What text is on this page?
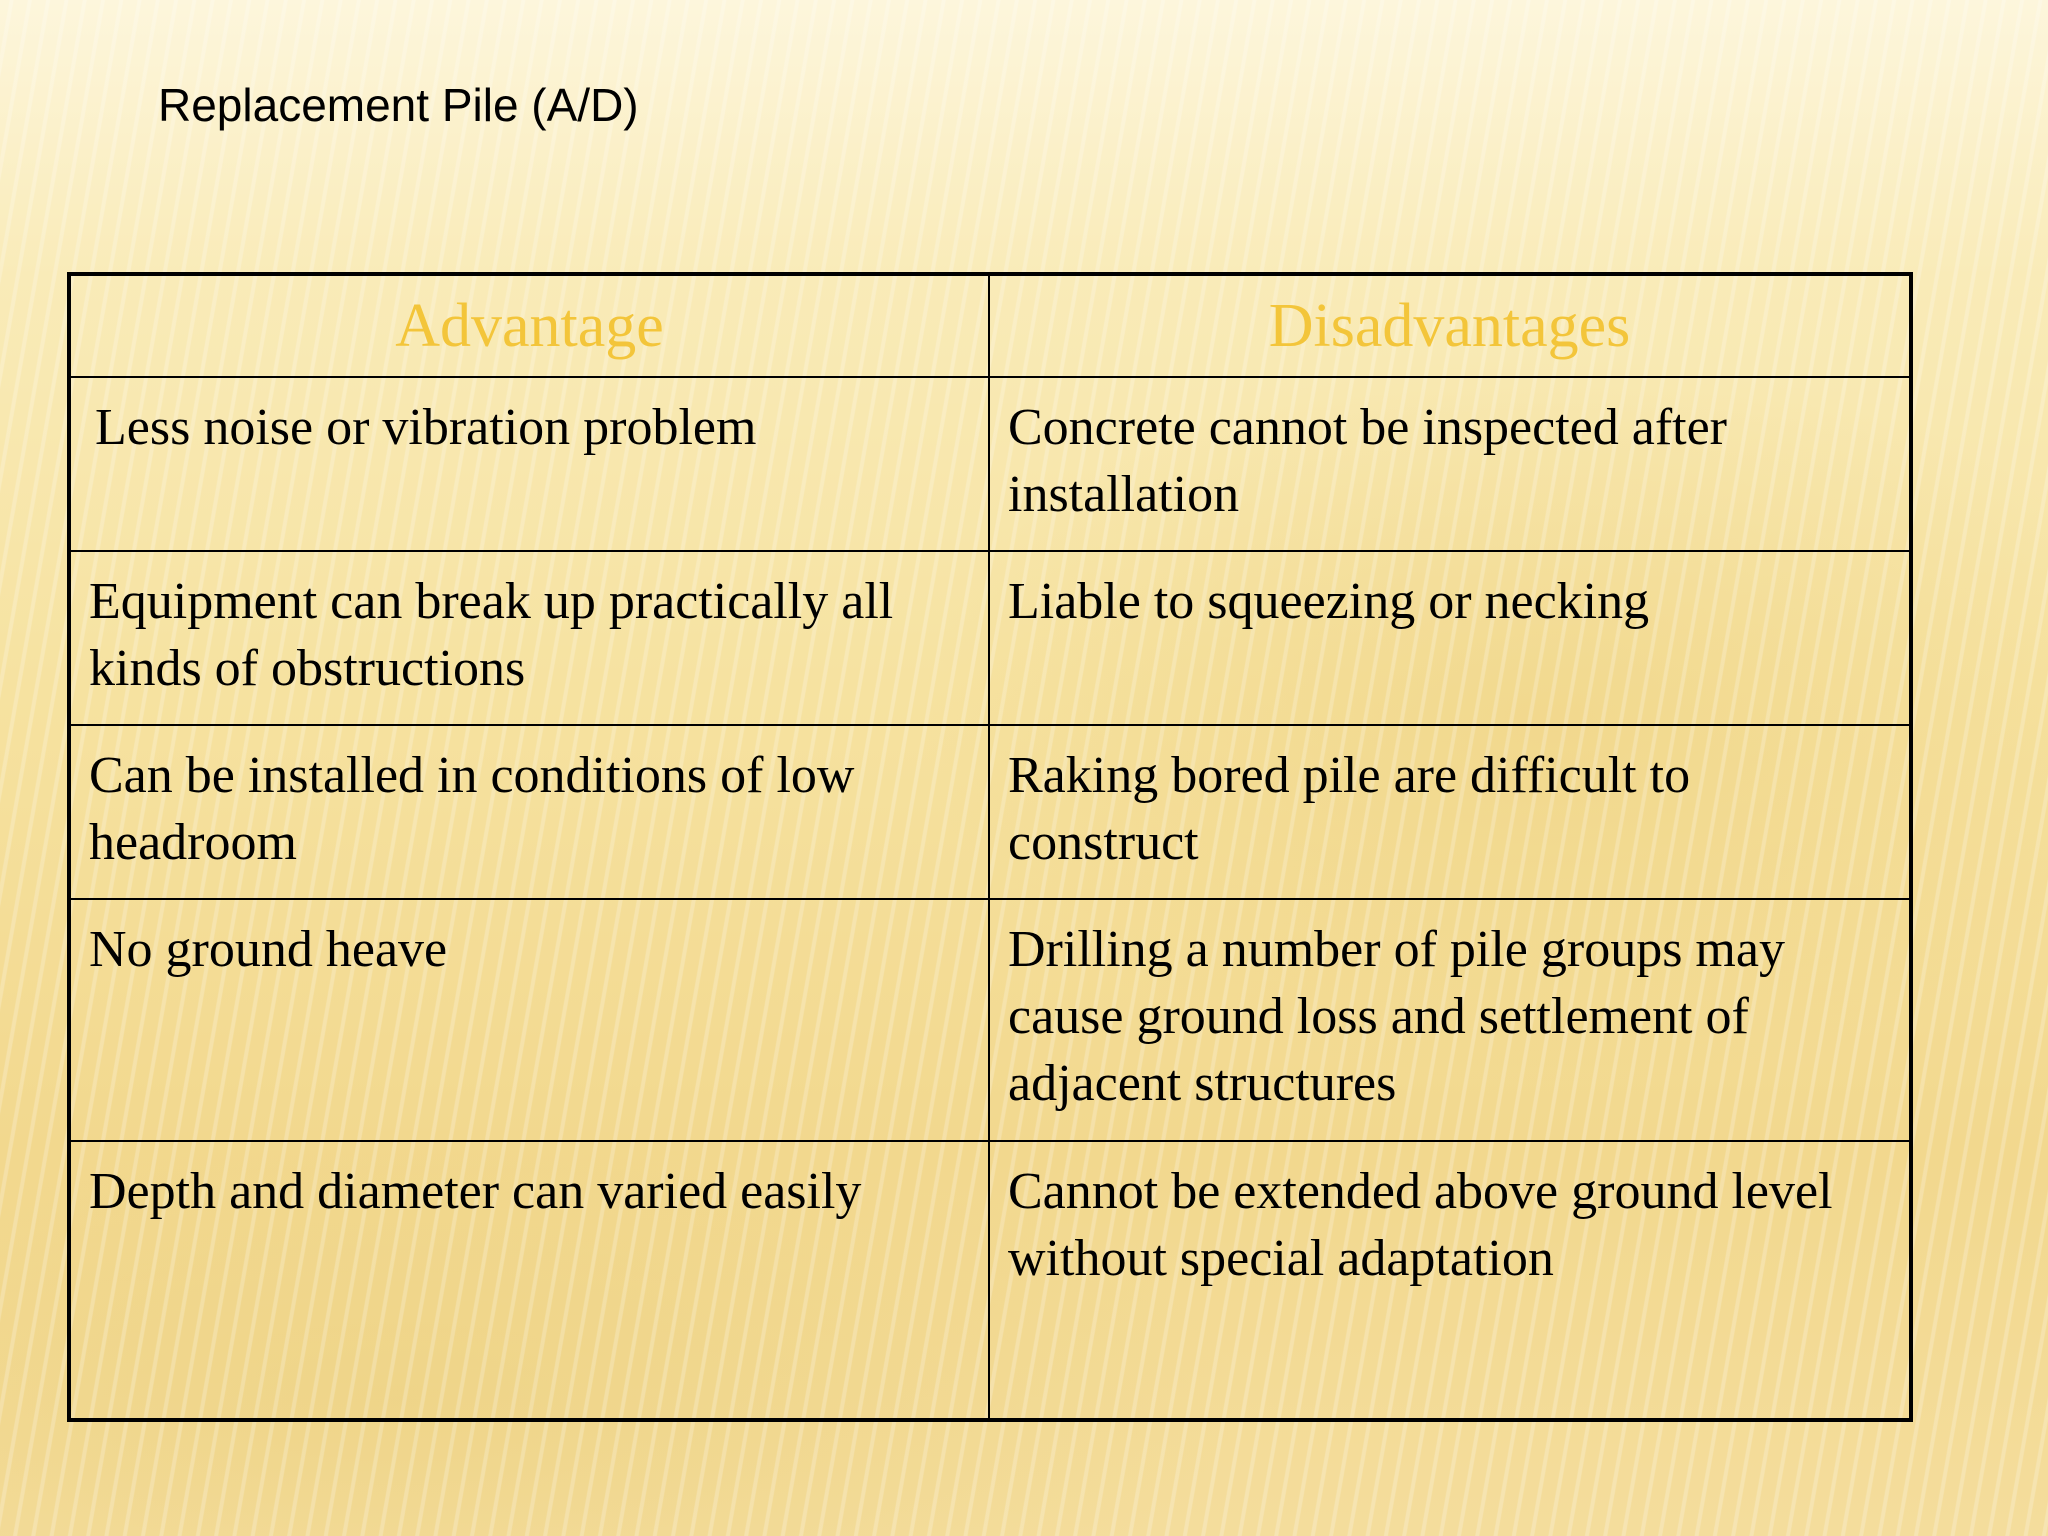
Replacement Pile (A/D)
Advantage	Disadvantages
Less noise or vibration problem	Concrete cannot be inspected after installation
Equipment can break up practically all kinds of obstructions	Liable to squeezing or necking
Can be installed in conditions of low headroom	Raking bored pile are difficult to construct
No ground heave	Drilling a number of pile groups may cause ground loss and settlement of adjacent structures
Depth and diameter can varied easily	Cannot be extended above ground level without special adaptation
